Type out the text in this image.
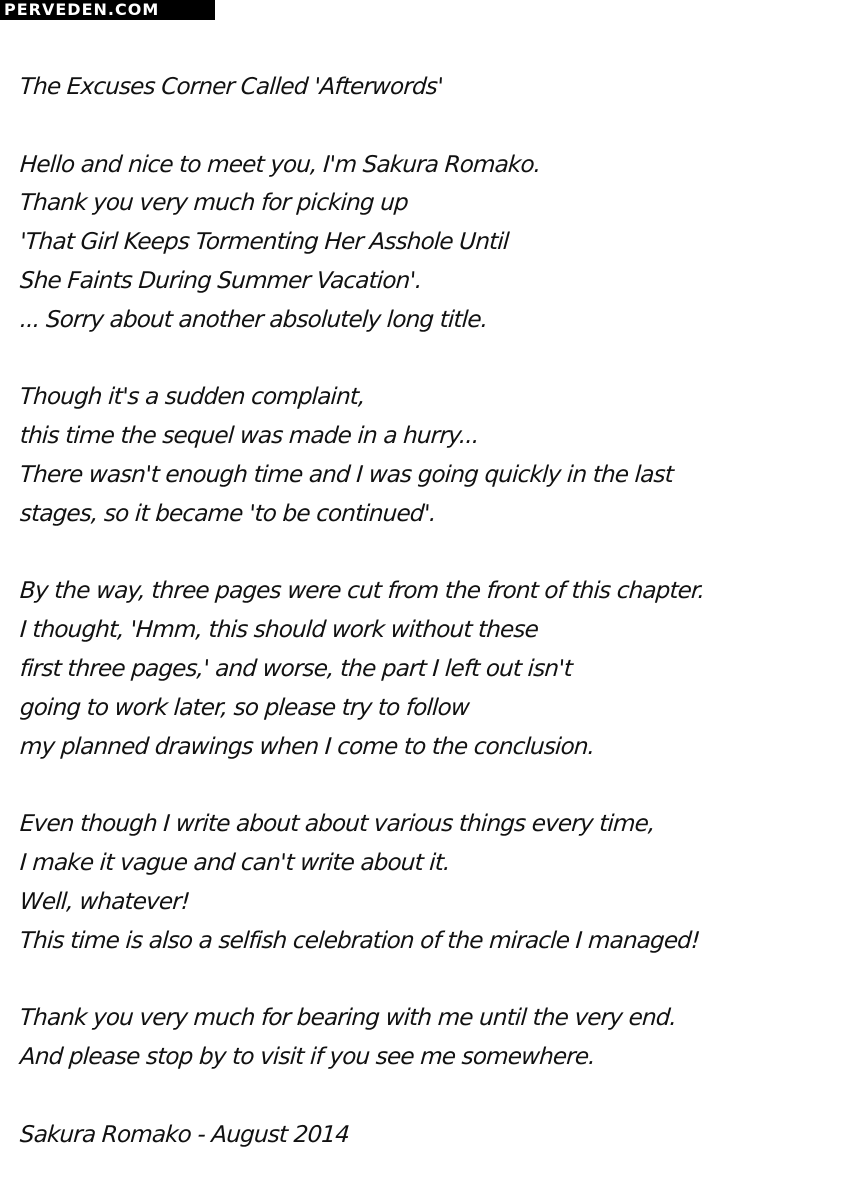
PERVEDEN.COM
The Excuses Corner Called 'Afterwords'
Hello and nice to meet you, I'm Sakura Romako.
Thank you very much for picking up
'That Girl Keeps Tormenting Her Asshole Until
She Faints During Summer Vacation'.
... Sorry about another absolutely long title.
Though it's a sudden complaint,
this time the sequel was made in a hurry...
There wasn't enough time and I was going quickly in the last
stages, so it became 'to be continued'.
By the way, three pages were cut from the front of this chapter.
I thought, 'Hmm, this should work without these
first three pages,' and worse, the part I left out isn't
going to work later, so please try to follow
my planned drawings when I come to the conclusion.
Even though I write about about various things every time,
I make it vague and can't write about it.
Well, whatever!
This time is also a selfish celebration of the miracle I managed!
Thank you very much for bearing with me until the very end.
And please stop by to visit if you see me somewhere.
Sakura Romako - August 2014
